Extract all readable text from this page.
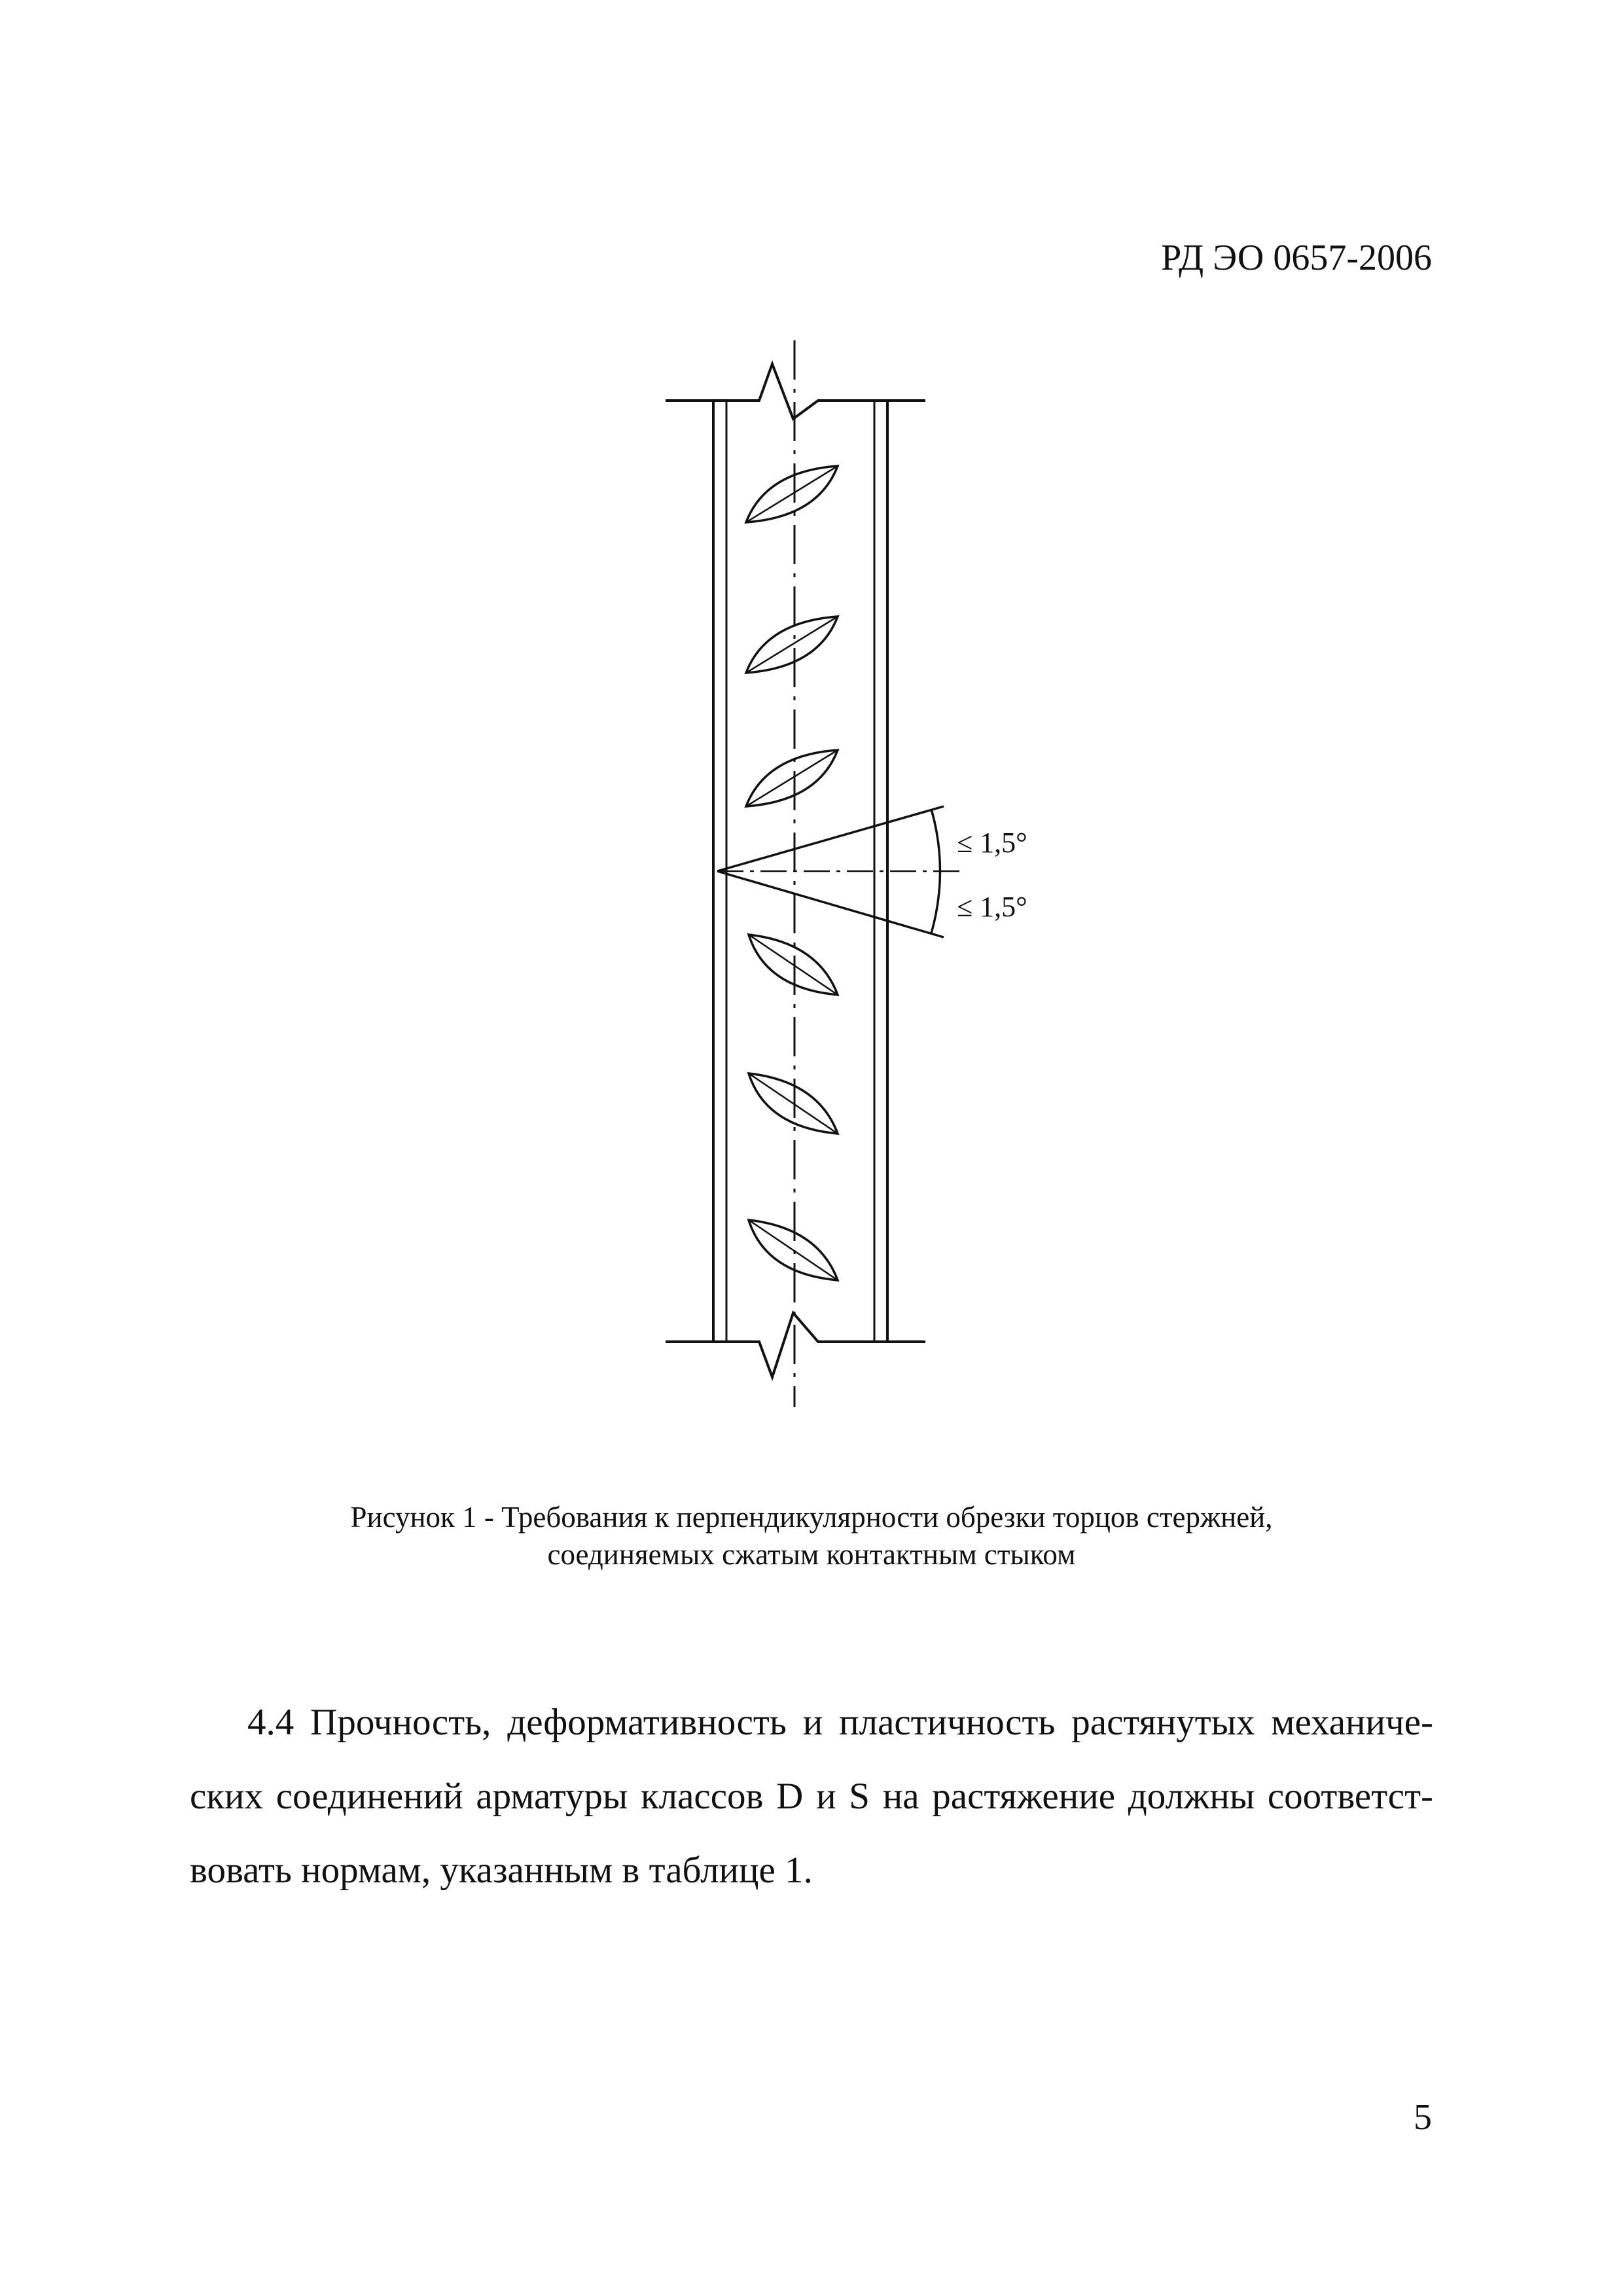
РД ЭО 0657-2006
≤ 1,5°
≤ 1,5°
Рисунок 1 - Требования к перпендикулярности обрезки торцов стержней,
соединяемых сжатым контактным стыком
4.4 Прочность, деформативность и пластичность растянутых механиче-
ских соединений арматуры классов D и S на растяжение должны соответст-
вовать нормам, указанным в таблице 1.
5
